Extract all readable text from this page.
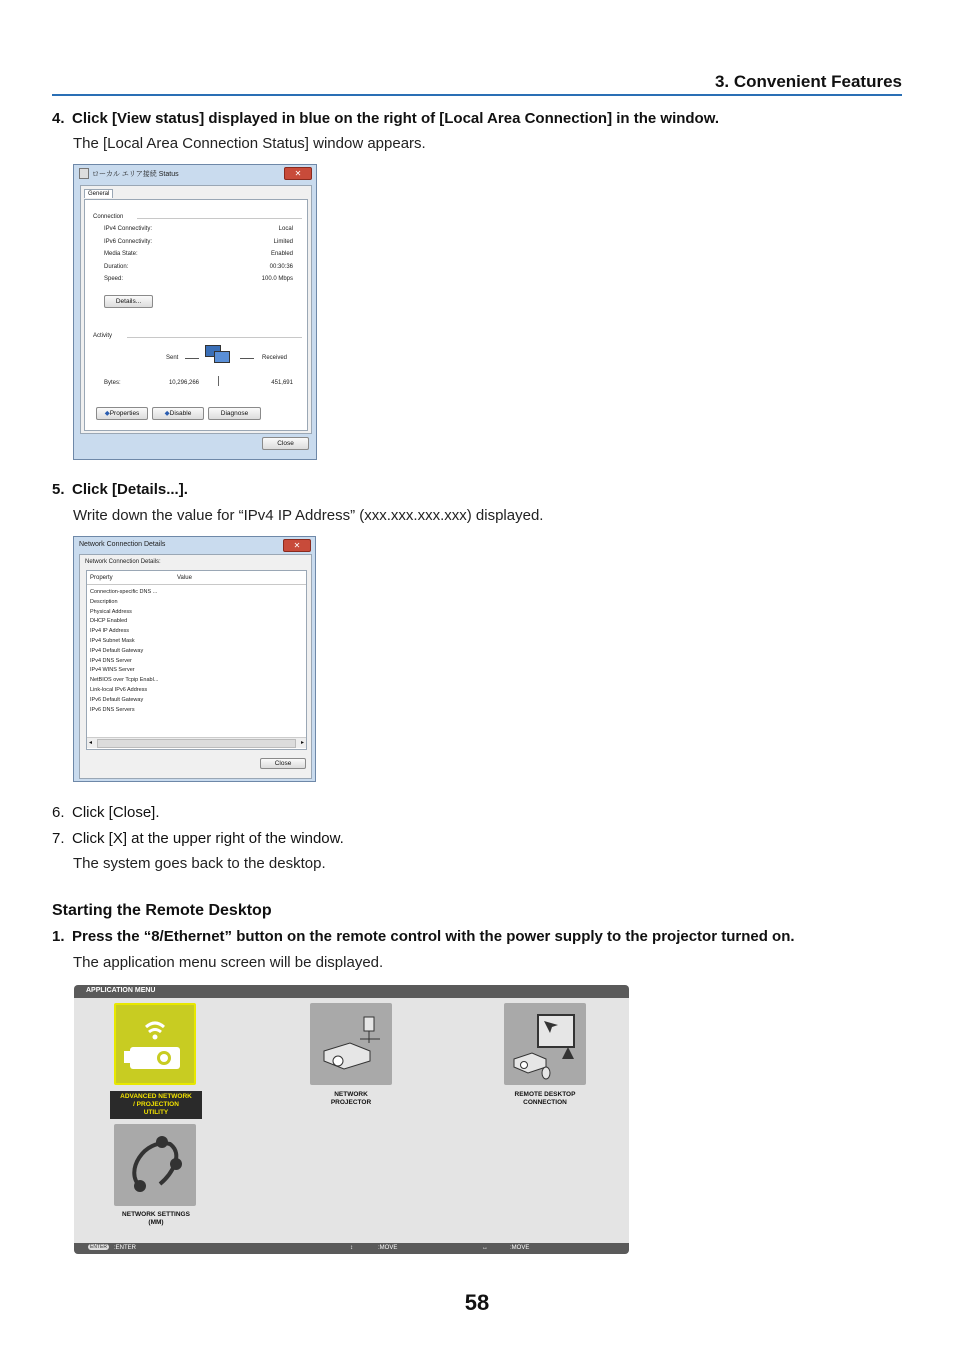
3. Convenient Features
4. Click [View status] displayed in blue on the right of [Local Area Connection] in the window.
The [Local Area Connection Status] window appears.
ローカル エリア接続 Status	✕
General
Connection
IPv4 Connectivity:	Local
IPv6 Connectivity:	Limited
Media State:	Enabled
Duration:	00:30:36
Speed:	100.0 Mbps
Details...
Activity
Sent	Received
Bytes:	10,296,266	451,691
◆Properties	◆Disable	Diagnose
Close
5. Click [Details...].
Write down the value for “IPv4 IP Address” (xxx.xxx.xxx.xxx) displayed.
Network Connection Details	✕
Network Connection Details:
Property	Value
Connection-specific DNS ...
Description
Physical Address
DHCP Enabled
IPv4 IP Address
IPv4 Subnet Mask
IPv4 Default Gateway
IPv4 DNS Server
IPv4 WINS Server
NetBIOS over Tcpip Enabl...
Link-local IPv6 Address
IPv6 Default Gateway
IPv6 DNS Servers
◂	▸
Close
6. Click [Close].
7. Click [X] at the upper right of the window.
The system goes back to the desktop.
Starting the Remote Desktop
1. Press the “8/Ethernet” button on the remote control with the power supply to the projector turned on.
The application menu screen will be displayed.
APPLICATION MENU
ADVANCED NETWORK
/ PROJECTION
UTILITY
NETWORK
PROJECTOR
REMOTE DESKTOP
CONNECTION
NETWORK SETTINGS
(MM)
ENTER	:ENTER	↕	:MOVE	↔	:MOVE
58
